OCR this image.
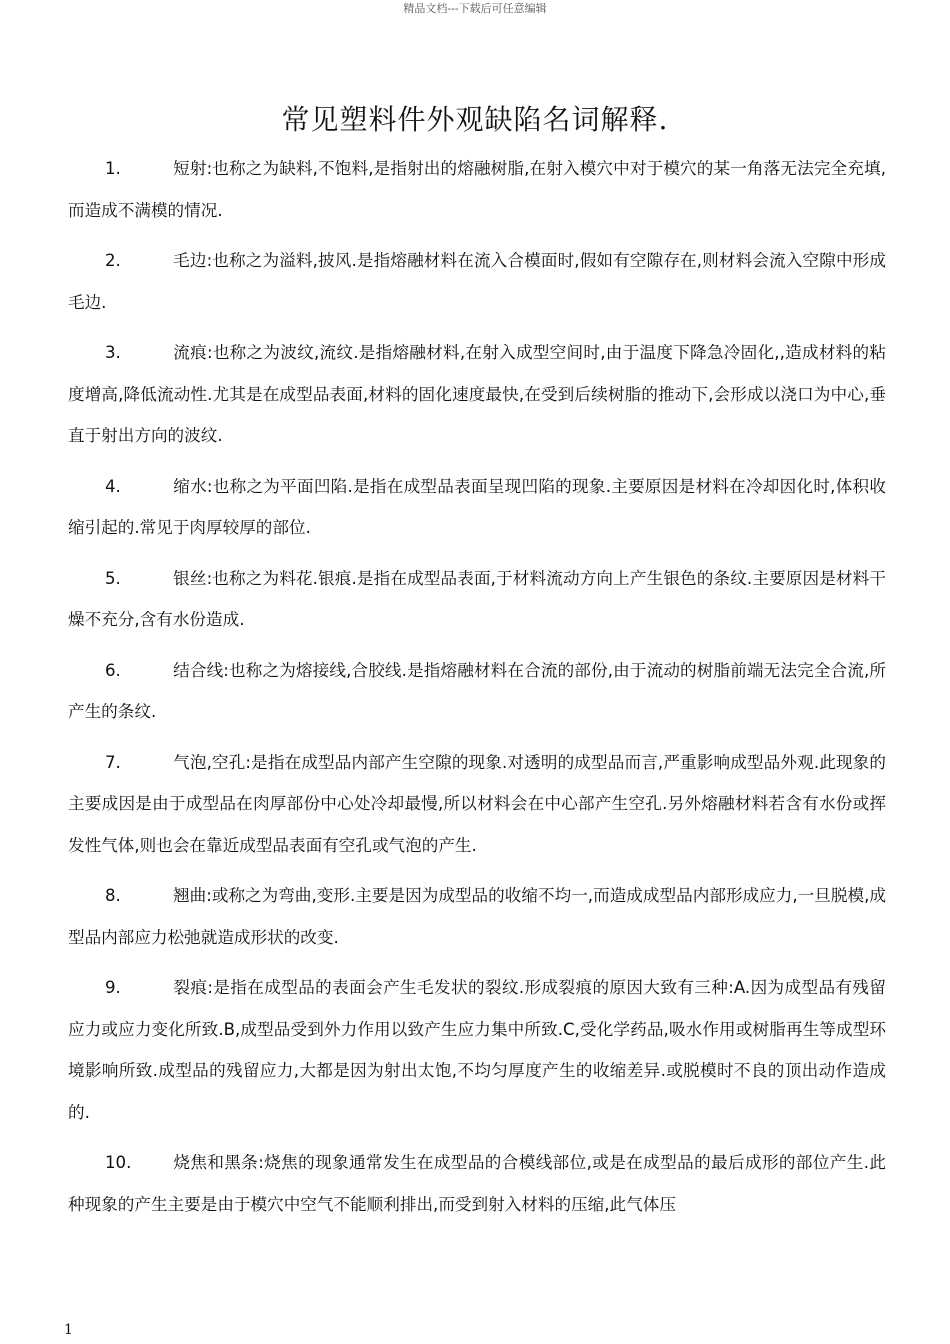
精品文档---下载后可任意编辑
常见塑料件外观缺陷名词解释.

1.	短射:也称之为缺料,不饱料,是指射出的熔融树脂,在射入模穴中对于模穴的某一角落无法完全充填,而造成不满模的情况.

2.	毛边:也称之为溢料,披风.是指熔融材料在流入合模面时,假如有空隙存在,则材料会流入空隙中形成毛边.

3.	流痕:也称之为波纹,流纹.是指熔融材料,在射入成型空间时,由于温度下降急冷固化,,造成材料的粘度增高,降低流动性.尤其是在成型品表面,材料的固化速度最快,在受到后续树脂的推动下,会形成以浇口为中心,垂直于射出方向的波纹.

4.	缩水:也称之为平面凹陷.是指在成型品表面呈现凹陷的现象.主要原因是材料在冷却因化时,体积收缩引起的.常见于肉厚较厚的部位.

5.	银丝:也称之为料花.银痕.是指在成型品表面,于材料流动方向上产生银色的条纹.主要原因是材料干燥不充分,含有水份造成.

6.	结合线:也称之为熔接线,合胶线.是指熔融材料在合流的部份,由于流动的树脂前端无法完全合流,所产生的条纹.

7.	气泡,空孔:是指在成型品内部产生空隙的现象.对透明的成型品而言,严重影响成型品外观.此现象的主要成因是由于成型品在肉厚部份中心处冷却最慢,所以材料会在中心部产生空孔.另外熔融材料若含有水份或挥发性气体,则也会在靠近成型品表面有空孔或气泡的产生.

8.	翘曲:或称之为弯曲,变形.主要是因为成型品的收缩不均一,而造成成型品内部形成应力,一旦脱模,成型品内部应力松弛就造成形状的改变.

9.	裂痕:是指在成型品的表面会产生毛发状的裂纹.形成裂痕的原因大致有三种:A.因为成型品有残留应力或应力变化所致.B,成型品受到外力作用以致产生应力集中所致.C,受化学药品,吸水作用或树脂再生等成型环境影响所致.成型品的残留应力,大都是因为射出太饱,不均匀厚度产生的收缩差异.或脱模时不良的顶出动作造成的.

10.	烧焦和黑条:烧焦的现象通常发生在成型品的合模线部位,或是在成型品的最后成形的部位产生.此种现象的产生主要是由于模穴中空气不能顺利排出,而受到射入材料的压缩,此气体压

1
